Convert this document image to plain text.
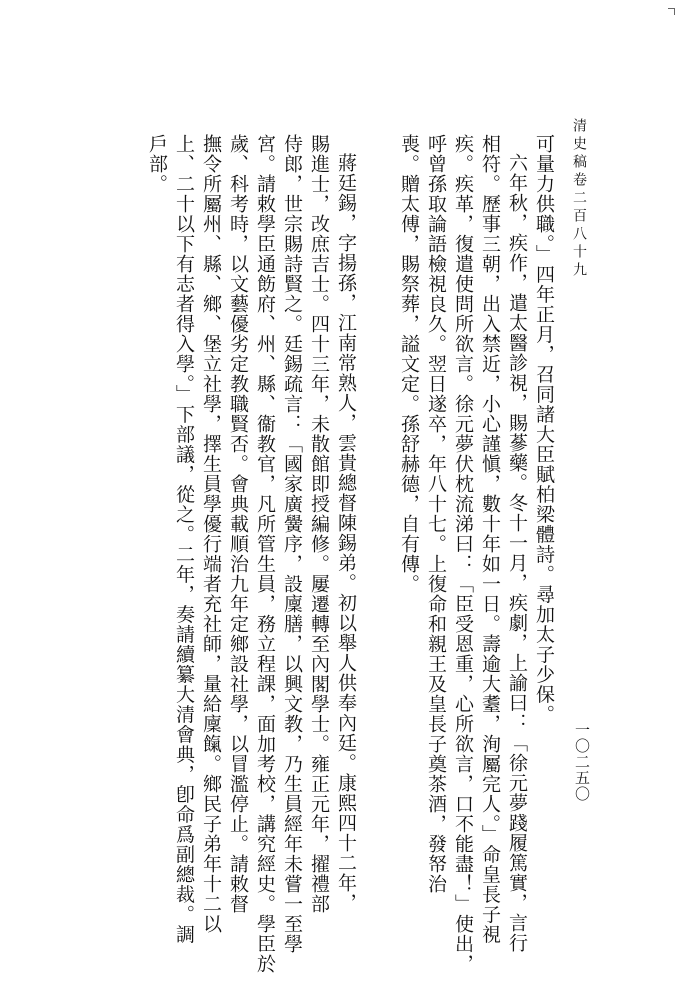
清史稿卷二百八十九
一〇二五〇
可量力供職。」四年正月，召同諸大臣賦柏梁體詩。尋加太子少保。
六年秋，疾作，遣太醫診視，賜蔘藥。冬十一月，疾劇，上諭曰：「徐元夢踐履篤實，言行
相符。歷事三朝，出入禁近，小心謹愼，數十年如一日。壽逾大耋，洵屬完人。」命皇長子視
疾。疾革，復遣使問所欲言。徐元夢伏枕流涕曰：「臣受恩重，心所欲言，口不能盡！」使出，
呼曾孫取論語檢視良久。翌日遂卒，年八十七。上復命和親王及皇長子奠茶酒，發帑治
喪。贈太傅，賜祭葬，謚文定。孫舒赫德，自有傳。
蔣廷錫，字揚孫，江南常熟人，雲貴總督陳錫弟。初以舉人供奉內廷。康熙四十二年，
賜進士，改庶吉士。四十三年，未散館即授編修。屢遷轉至內閣學士。雍正元年，擢禮部
侍郎，世宗賜詩賢之。廷錫疏言：「國家廣黌序，設廩膳，以興文教，乃生員經年未嘗一至學
宮。請敕學臣通飭府、州、縣、衞教官，凡所管生員，務立程課，面加考校，講究經史。學臣於
歲、科考時，以文藝優劣定教職賢否。會典載順治九年定鄉設社學，以冒濫停止。請敕督
撫令所屬州、縣、鄉、堡立社學，擇生員學優行端者充社師，量給廩餼。鄉民子弟年十二以
上、二十以下有志者得入學。」下部議，從之。二年，奏請續纂大清會典，卽命爲副總裁。調
戶部。
